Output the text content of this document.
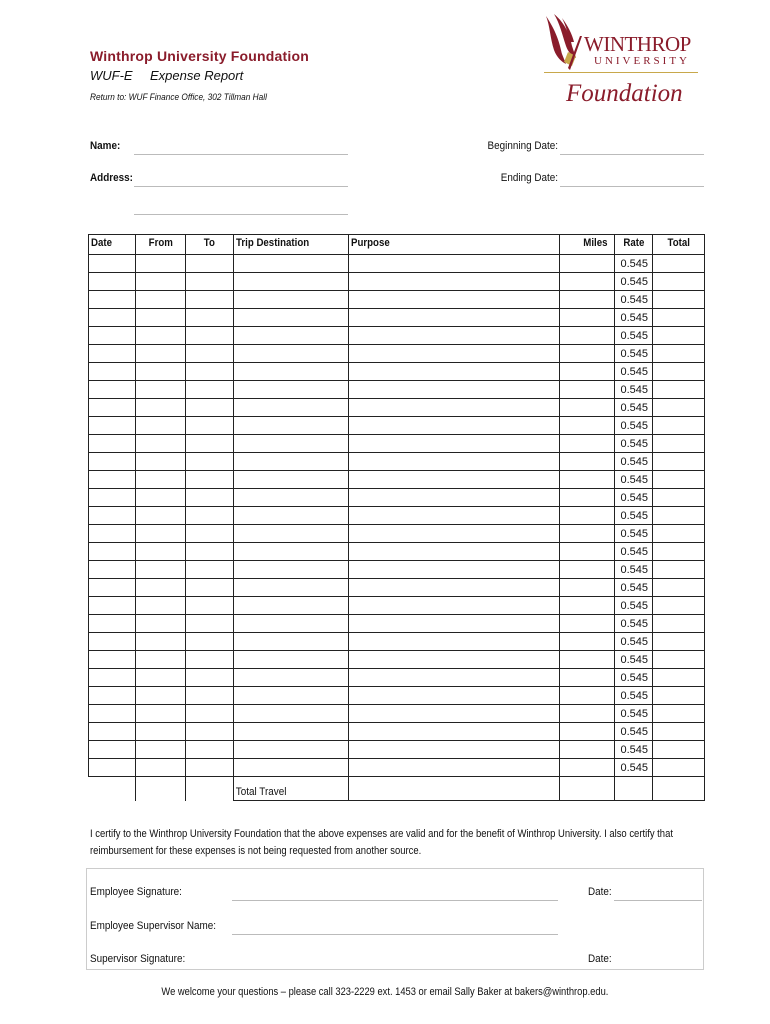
Winthrop University Foundation
WUF-E Expense Report
Return to: WUF Finance Office, 302 Tillman Hall
WINTHROP
UNIVERSITY
Foundation
Name:
Address:
Beginning Date:
Ending Date:
Date	From	To	Trip Destination	Purpose	Miles	Rate	Total
						0.545	
						0.545	
						0.545	
						0.545	
						0.545	
						0.545	
						0.545	
						0.545	
						0.545	
						0.545	
						0.545	
						0.545	
						0.545	
						0.545	
						0.545	
						0.545	
						0.545	
						0.545	
						0.545	
						0.545	
						0.545	
						0.545	
						0.545	
						0.545	
						0.545	
						0.545	
						0.545	
						0.545	
						0.545	
			Total Travel				
I certify to the Winthrop University Foundation that the above expenses are valid and for the benefit of Winthrop University. I also certify that reimbursement for these expenses is not being requested from another source.
Employee Signature:	Date:
Employee Supervisor Name:
Supervisor Signature:	Date:
We welcome your questions – please call 323-2229 ext. 1453 or email Sally Baker at bakers@winthrop.edu.
